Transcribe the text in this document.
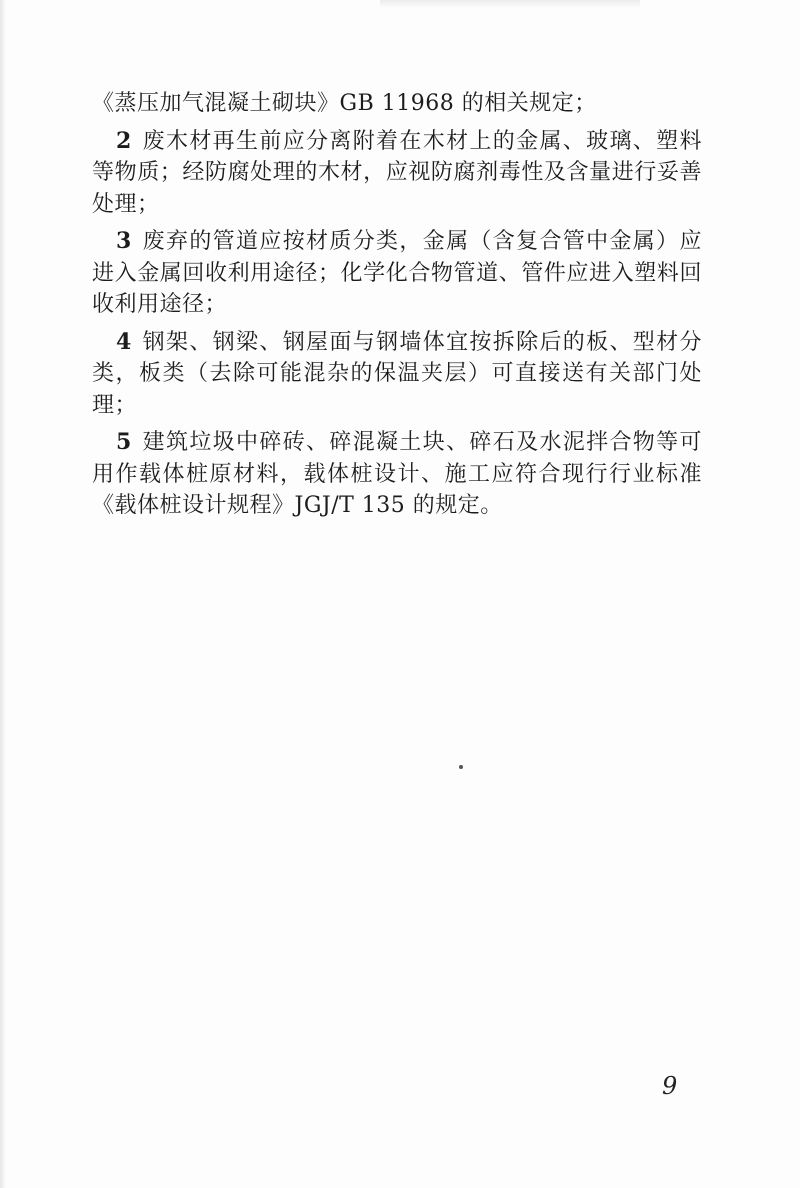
《蒸压加气混凝土砌块》GB 11968 的相关规定；

2 废木材再生前应分离附着在木材上的金属、玻璃、塑料等物质；经防腐处理的木材，应视防腐剂毒性及含量进行妥善处理；

3 废弃的管道应按材质分类，金属（含复合管中金属）应进入金属回收利用途径；化学化合物管道、管件应进入塑料回收利用途径；

4 钢架、钢梁、钢屋面与钢墙体宜按拆除后的板、型材分类，板类（去除可能混杂的保温夹层）可直接送有关部门处理；

5 建筑垃圾中碎砖、碎混凝土块、碎石及水泥拌合物等可用作载体桩原材料，载体桩设计、施工应符合现行行业标准《载体桩设计规程》JGJ/T 135 的规定。

9
